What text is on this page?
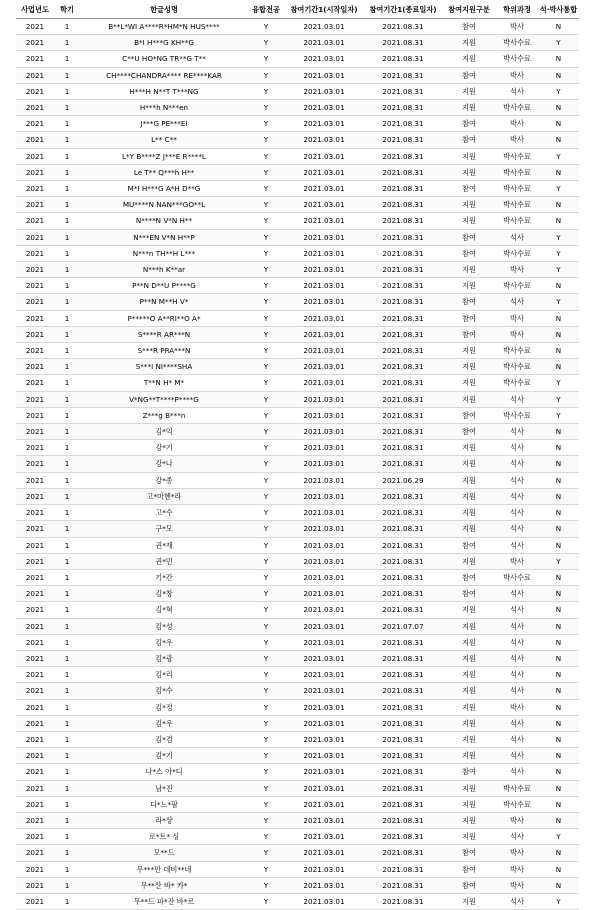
사업년도	학기	한글성명	융합전공	참여기간1(시작일자)	참여기간1(종료일자)	참여지원구분	학위과정	석·박사통합
2021	1	B**L*WI A****R*HM*N HUS****	Y	2021.03.01	2021.08.31	참여	박사	N
2021	1	B*I H***G KH**G	Y	2021.03.01	2021.08.31	지원	박사수료	Y
2021	1	C**U HO*NG TR**G T**	Y	2021.03.01	2021.08.31	지원	박사수료	N
2021	1	CH****CHANDRA**** RE****KAR	Y	2021.03.01	2021.08.31	참여	박사	N
2021	1	H***H N**T T***NG	Y	2021.03.01	2021.08.31	지원	석사	Y
2021	1	H***h N***en	Y	2021.03.01	2021.08.31	지원	박사수료	N
2021	1	J***G PE***EI	Y	2021.03.01	2021.08.31	참여	박사	N
2021	1	L** C**	Y	2021.03.01	2021.08.31	참여	박사	N
2021	1	L*Y B****Z J***E R****L	Y	2021.03.01	2021.08.31	지원	박사수료	Y
2021	1	Le T** Q***h H**	Y	2021.03.01	2021.08.31	지원	박사수료	N
2021	1	M*I H***G A*H D**G	Y	2021.03.01	2021.08.31	참여	박사수료	Y
2021	1	MU****N NAN***GO**L	Y	2021.03.01	2021.08.31	지원	박사수료	N
2021	1	N****N V*N H**	Y	2021.03.01	2021.08.31	지원	박사수료	N
2021	1	N***EN V*N H**P	Y	2021.03.01	2021.08.31	참여	석사	Y
2021	1	N***n TH**H L***	Y	2021.03.01	2021.08.31	참여	박사수료	Y
2021	1	N***h K**ar	Y	2021.03.01	2021.08.31	지원	박사	Y
2021	1	P**N D**U P****G	Y	2021.03.01	2021.08.31	지원	박사수료	N
2021	1	P**N M**H V*	Y	2021.03.01	2021.08.31	참여	석사	Y
2021	1	P*****O A**RI**O A*	Y	2021.03.01	2021.08.31	참여	박사	N
2021	1	S****R AR***N	Y	2021.03.01	2021.08.31	참여	박사	N
2021	1	S***R PRA***N	Y	2021.03.01	2021.08.31	지원	박사수료	N
2021	1	S***I NI****SHA	Y	2021.03.01	2021.08.31	지원	박사수료	N
2021	1	T**N H* M*	Y	2021.03.01	2021.08.31	지원	박사수료	Y
2021	1	V*NG**T****P****G	Y	2021.03.01	2021.08.31	지원	석사	Y
2021	1	Z***g B***n	Y	2021.03.01	2021.08.31	참여	박사수료	Y
2021	1	김*익	Y	2021.03.01	2021.08.31	참여	석사	N
2021	1	강*기	Y	2021.03.01	2021.08.31	지원	석사	N
2021	1	강*나	Y	2021.03.01	2021.08.31	지원	석사	N
2021	1	강*종	Y	2021.03.01	2021.06.29	지원	석사	N
2021	1	고*마헨*라	Y	2021.03.01	2021.08.31	지원	석사	N
2021	1	고*수	Y	2021.03.01	2021.08.31	지원	석사	N
2021	1	구*모	Y	2021.03.01	2021.08.31	지원	석사	N
2021	1	권*재	Y	2021.03.01	2021.08.31	참여	석사	N
2021	1	권*민	Y	2021.03.01	2021.08.31	지원	박사	Y
2021	1	기*간	Y	2021.03.01	2021.08.31	참여	박사수료	N
2021	1	김*창	Y	2021.03.01	2021.08.31	참여	석사	N
2021	1	김*혁	Y	2021.03.01	2021.08.31	지원	석사	N
2021	1	김*성	Y	2021.03.01	2021.07.07	지원	석사	N
2021	1	김*우	Y	2021.03.01	2021.08.31	지원	석사	N
2021	1	김*광	Y	2021.03.01	2021.08.31	지원	석사	N
2021	1	김*리	Y	2021.03.01	2021.08.31	지원	석사	N
2021	1	김*수	Y	2021.03.01	2021.08.31	지원	석사	N
2021	1	김*정	Y	2021.03.01	2021.08.31	지원	박사	N
2021	1	김*우	Y	2021.03.01	2021.08.31	지원	석사	N
2021	1	김*겸	Y	2021.03.01	2021.08.31	지원	석사	N
2021	1	김*기	Y	2021.03.01	2021.08.31	지원	석사	N
2021	1	나*스 아*디	Y	2021.03.01	2021.08.31	참여	석사	N
2021	1	남*진	Y	2021.03.01	2021.08.31	지원	박사수료	N
2021	1	디*느*팜	Y	2021.03.01	2021.08.31	지원	박사수료	N
2021	1	라*샹	Y	2021.03.01	2021.08.31	지원	박사	N
2021	1	로*트* 싱	Y	2021.03.01	2021.08.31	지원	석사	Y
2021	1	모**드	Y	2021.03.01	2021.08.31	참여	박사	N
2021	1	무***만 데비**네	Y	2021.03.01	2021.08.31	참여	박사	N
2021	1	무**산 바* 카*	Y	2021.03.01	2021.08.31	참여	박사	N
2021	1	무**드 파*잔 바*르	Y	2021.03.01	2021.08.31	지원	석사	Y
